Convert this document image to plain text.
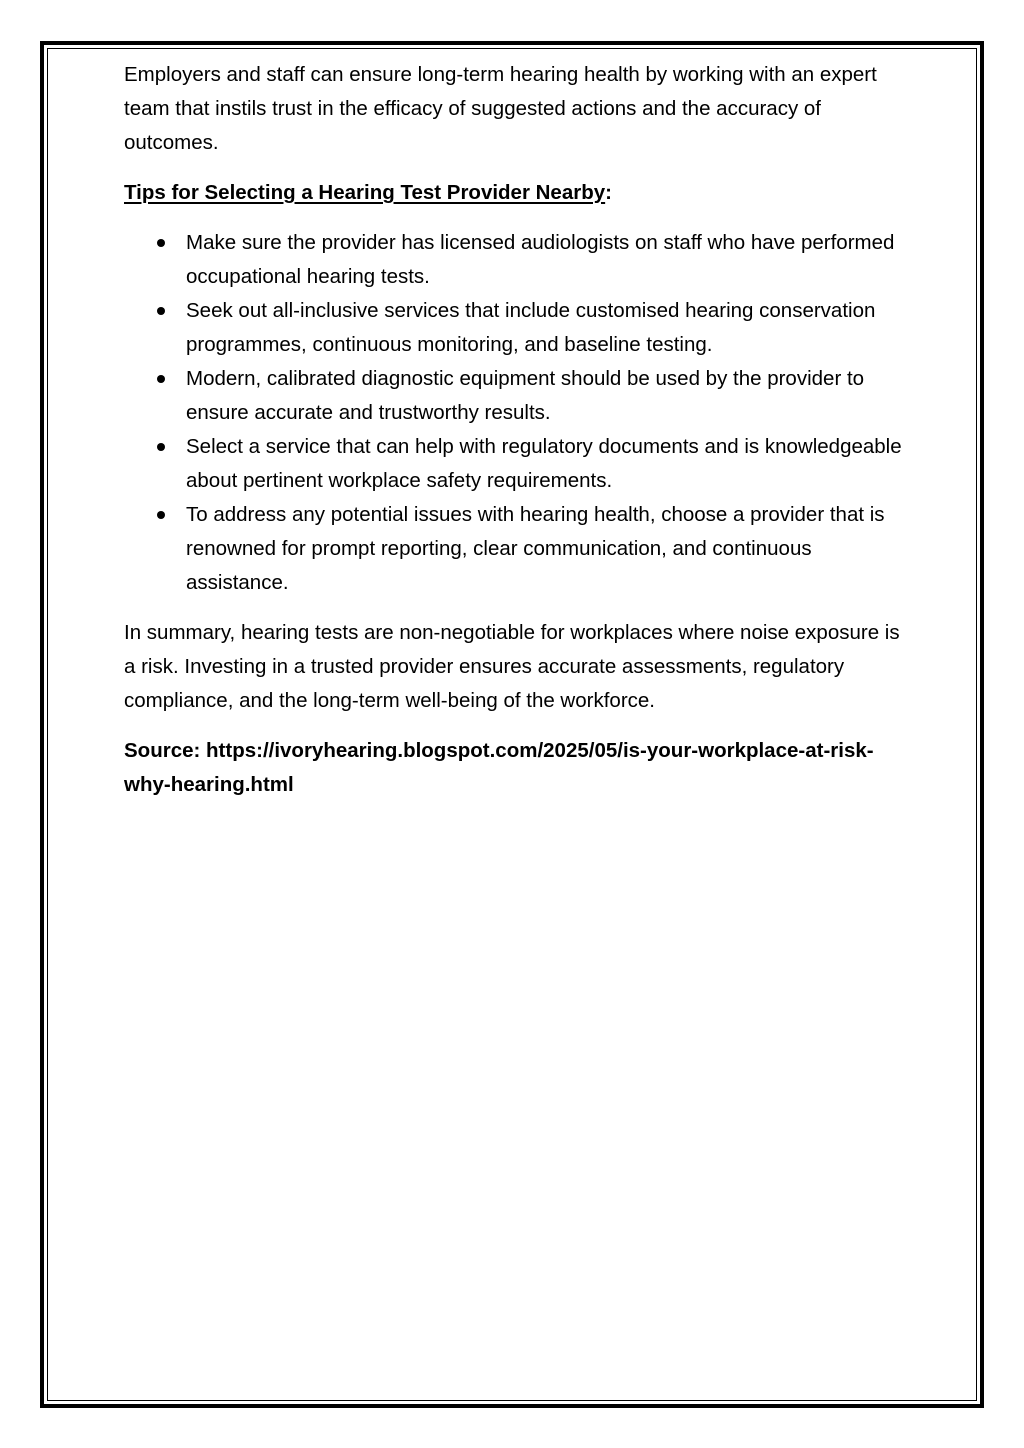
Employers and staff can ensure long-term hearing health by working with an expert team that instils trust in the efficacy of suggested actions and the accuracy of outcomes.

Tips for Selecting a Hearing Test Provider Nearby:

Make sure the provider has licensed audiologists on staff who have performed occupational hearing tests.
Seek out all-inclusive services that include customised hearing conservation programmes, continuous monitoring, and baseline testing.
Modern, calibrated diagnostic equipment should be used by the provider to ensure accurate and trustworthy results.
Select a service that can help with regulatory documents and is knowledgeable about pertinent workplace safety requirements.
To address any potential issues with hearing health, choose a provider that is renowned for prompt reporting, clear communication, and continuous assistance.

In summary, hearing tests are non-negotiable for workplaces where noise exposure is a risk. Investing in a trusted provider ensures accurate assessments, regulatory compliance, and the long-term well-being of the workforce.

Source: https://ivoryhearing.blogspot.com/2025/05/is-your-workplace-at-risk-why-hearing.html
